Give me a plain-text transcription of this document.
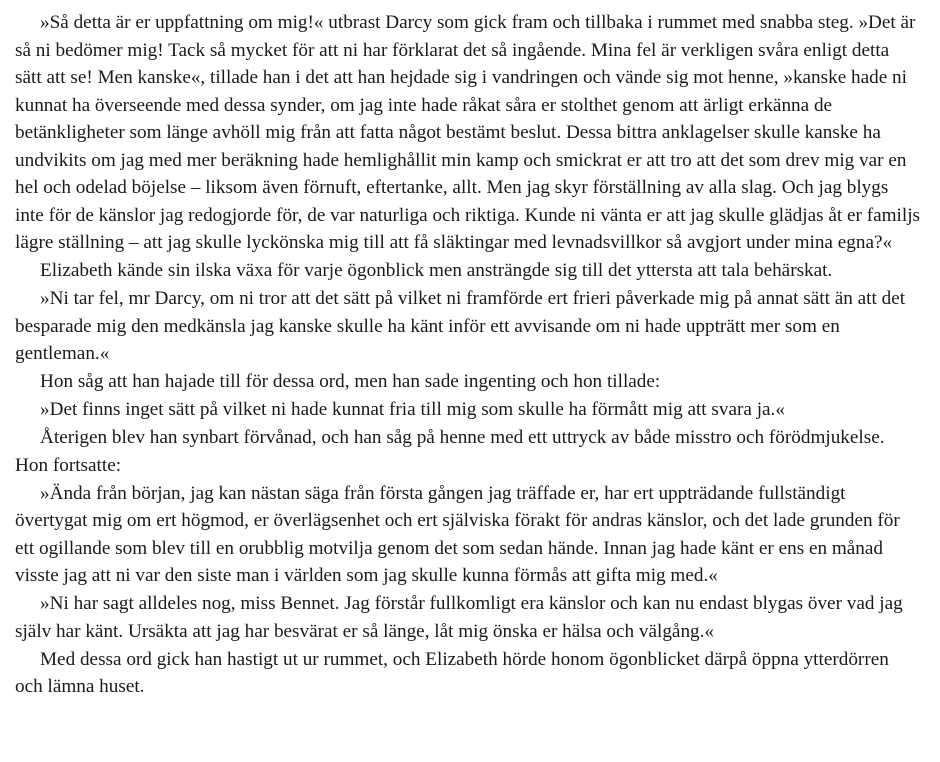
»Så detta är er uppfattning om mig!« utbrast Darcy som gick fram och tillbaka i rummet med snabba steg. »Det är så ni bedömer mig! Tack så mycket för att ni har förklarat det så ingående. Mina fel är verkligen svåra enligt detta sätt att se! Men kanske«, tillade han i det att han hejdade sig i vandringen och vände sig mot henne, »kanske hade ni kunnat ha överseende med dessa synder, om jag inte hade råkat såra er stolthet genom att ärligt erkänna de betänkligheter som länge avhöll mig från att fatta något bestämt beslut. Dessa bittra anklagelser skulle kanske ha undvikits om jag med mer beräkning hade hemlighållit min kamp och smickrat er att tro att det som drev mig var en hel och odelad böjelse – liksom även förnuft, eftertanke, allt. Men jag skyr förställning av alla slag. Och jag blygs inte för de känslor jag redogjorde för, de var naturliga och riktiga. Kunde ni vänta er att jag skulle glädjas åt er familjs lägre ställning – att jag skulle lyckönska mig till att få släktingar med levnadsvillkor så avgjort under mina egna?«

Elizabeth kände sin ilska växa för varje ögonblick men ansträngde sig till det yttersta att tala behärskat.

»Ni tar fel, mr Darcy, om ni tror att det sätt på vilket ni framförde ert frieri påverkade mig på annat sätt än att det besparade mig den medkänsla jag kanske skulle ha känt inför ett avvisande om ni hade uppträtt mer som en gentleman.«

Hon såg att han hajade till för dessa ord, men han sade ingenting och hon tillade:

»Det finns inget sätt på vilket ni hade kunnat fria till mig som skulle ha förmått mig att svara ja.«

Återigen blev han synbart förvånad, och han såg på henne med ett uttryck av både misstro och förödmjukelse. Hon fortsatte:

»Ända från början, jag kan nästan säga från första gången jag träffade er, har ert uppträdande fullständigt övertygat mig om ert högmod, er överlägsenhet och ert själviska förakt för andras känslor, och det lade grunden för ett ogillande som blev till en orubblig motvilja genom det som sedan hände. Innan jag hade känt er ens en månad visste jag att ni var den siste man i världen som jag skulle kunna förmås att gifta mig med.«

»Ni har sagt alldeles nog, miss Bennet. Jag förstår fullkomligt era känslor och kan nu endast blygas över vad jag själv har känt. Ursäkta att jag har besvärat er så länge, låt mig önska er hälsa och välgång.«

Med dessa ord gick han hastigt ut ur rummet, och Elizabeth hörde honom ögonblicket därpå öppna ytterdörren och lämna huset.
